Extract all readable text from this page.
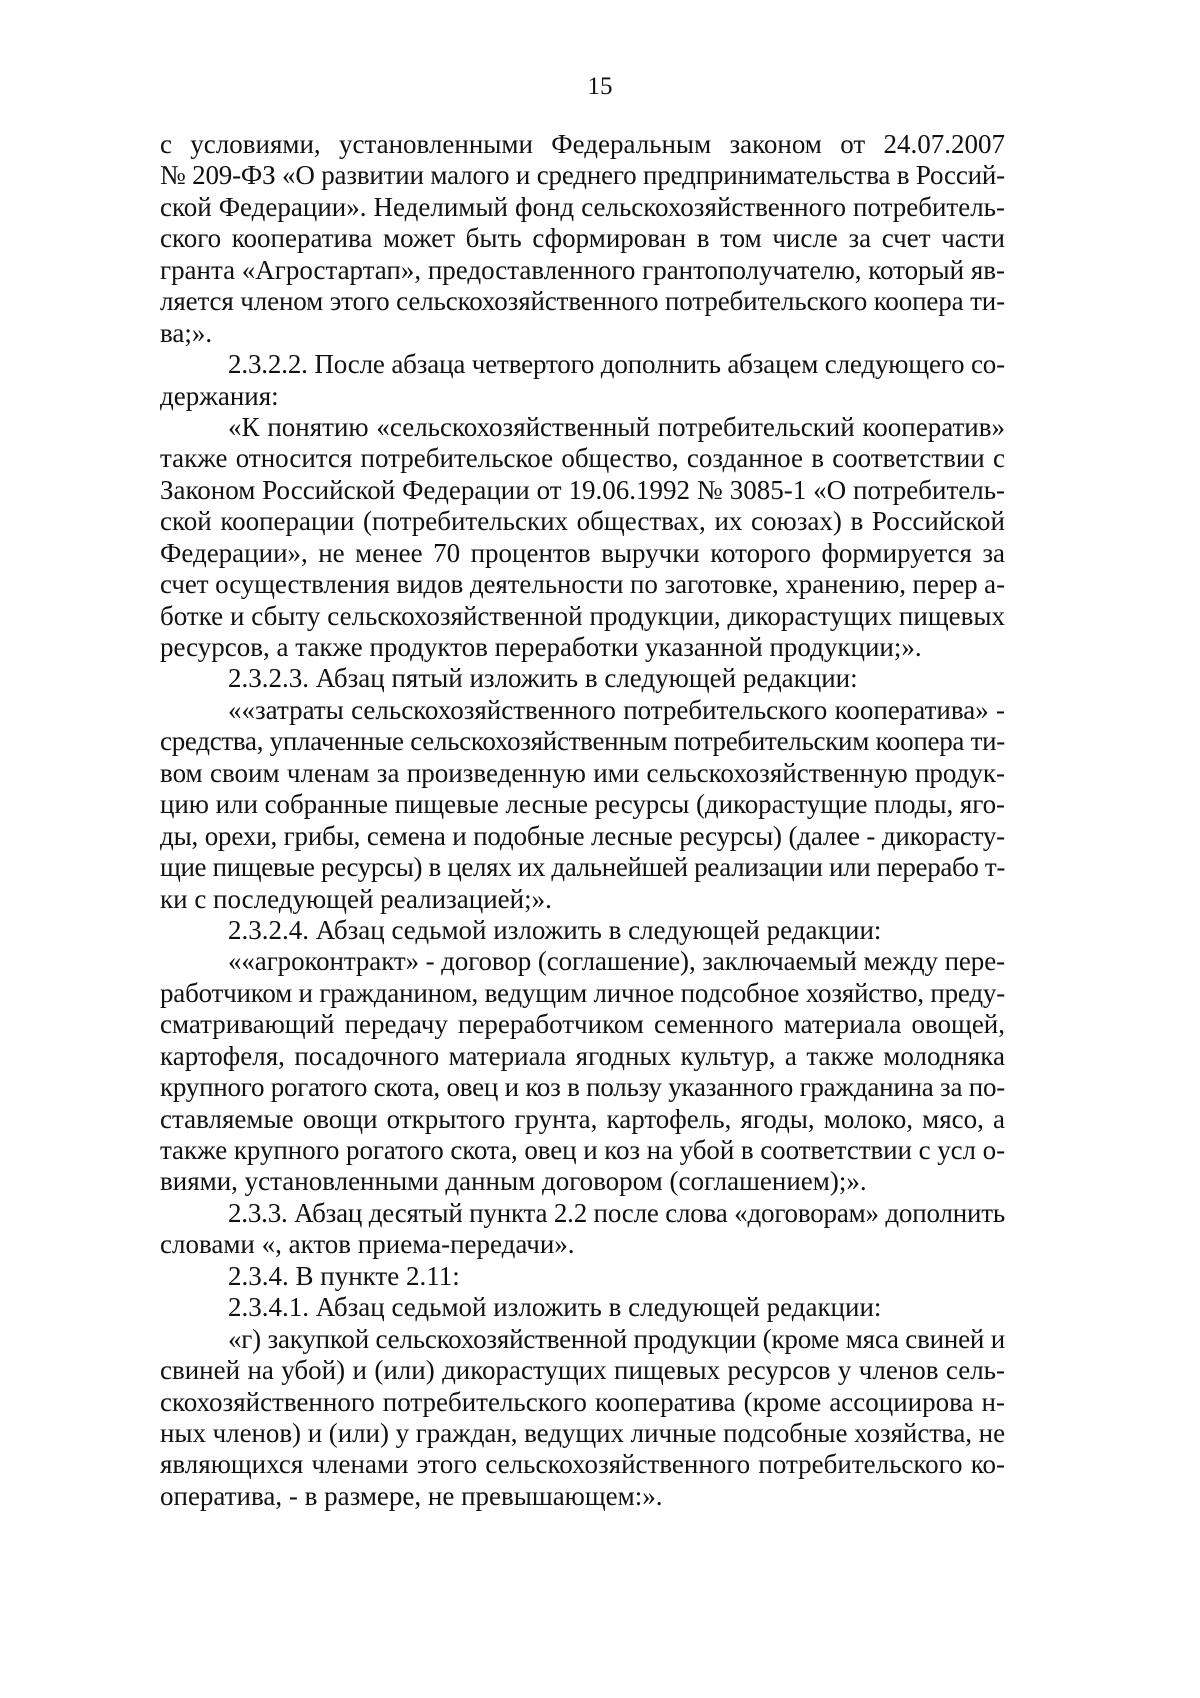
15
с условиями, установленными Федеральным законом от 24.07.2007
№ 209-ФЗ «О развитии малого и среднего предпринимательства в Россий-
ской Федерации». Неделимый фонд сельскохозяйственного потребитель-
ского кооператива может быть сформирован в том числе за счет части
гранта «Агростартап», предоставленного грантополучателю, который яв-
ляется членом этого сельскохозяйственного потребительского коопера ти-
ва;».
2.3.2.2. После абзаца четвертого дополнить абзацем следующего со-
держания:
«К понятию «сельскохозяйственный потребительский кооператив»
также относится потребительское общество, созданное в соответствии с
Законом Российской Федерации от 19.06.1992 № 3085-1 «О потребитель-
ской кооперации (потребительских обществах, их союзах) в Российской
Федерации», не менее 70 процентов выручки которого формируется за
счет осуществления видов деятельности по заготовке, хранению, перер а-
ботке и сбыту сельскохозяйственной продукции, дикорастущих пищевых
ресурсов, а также продуктов переработки указанной продукции;».
2.3.2.3. Абзац пятый изложить в следующей редакции:
««затраты сельскохозяйственного потребительского кооператива» -
средства, уплаченные сельскохозяйственным потребительским коопера ти-
вом своим членам за произведенную ими сельскохозяйственную продук-
цию или собранные пищевые лесные ресурсы (дикорастущие плоды, яго-
ды, орехи, грибы, семена и подобные лесные ресурсы) (далее - дикорасту-
щие пищевые ресурсы) в целях их дальнейшей реализации или перерабо т-
ки с последующей реализацией;».
2.3.2.4. Абзац седьмой изложить в следующей редакции:
««агроконтракт» - договор (соглашение), заключаемый между пере-
работчиком и гражданином, ведущим личное подсобное хозяйство, преду-
сматривающий передачу переработчиком семенного материала овощей,
картофеля, посадочного материала ягодных культур, а также молодняка
крупного рогатого скота, овец и коз в пользу указанного гражданина за по-
ставляемые овощи открытого грунта, картофель, ягоды, молоко, мясо, а
также крупного рогатого скота, овец и коз на убой в соответствии с усл о-
виями, установленными данным договором (соглашением);».
2.3.3. Абзац десятый пункта 2.2 после слова «договорам» дополнить
словами «, актов приема-передачи».
2.3.4. В пункте 2.11:
2.3.4.1. Абзац седьмой изложить в следующей редакции:
«г) закупкой сельскохозяйственной продукции (кроме мяса свиней и
свиней на убой) и (или) дикорастущих пищевых ресурсов у членов сель-
скохозяйственного потребительского кооператива (кроме ассоциирова н-
ных членов) и (или) у граждан, ведущих личные подсобные хозяйства, не
являющихся членами этого сельскохозяйственного потребительского ко-
оператива, - в размере, не превышающем:».
